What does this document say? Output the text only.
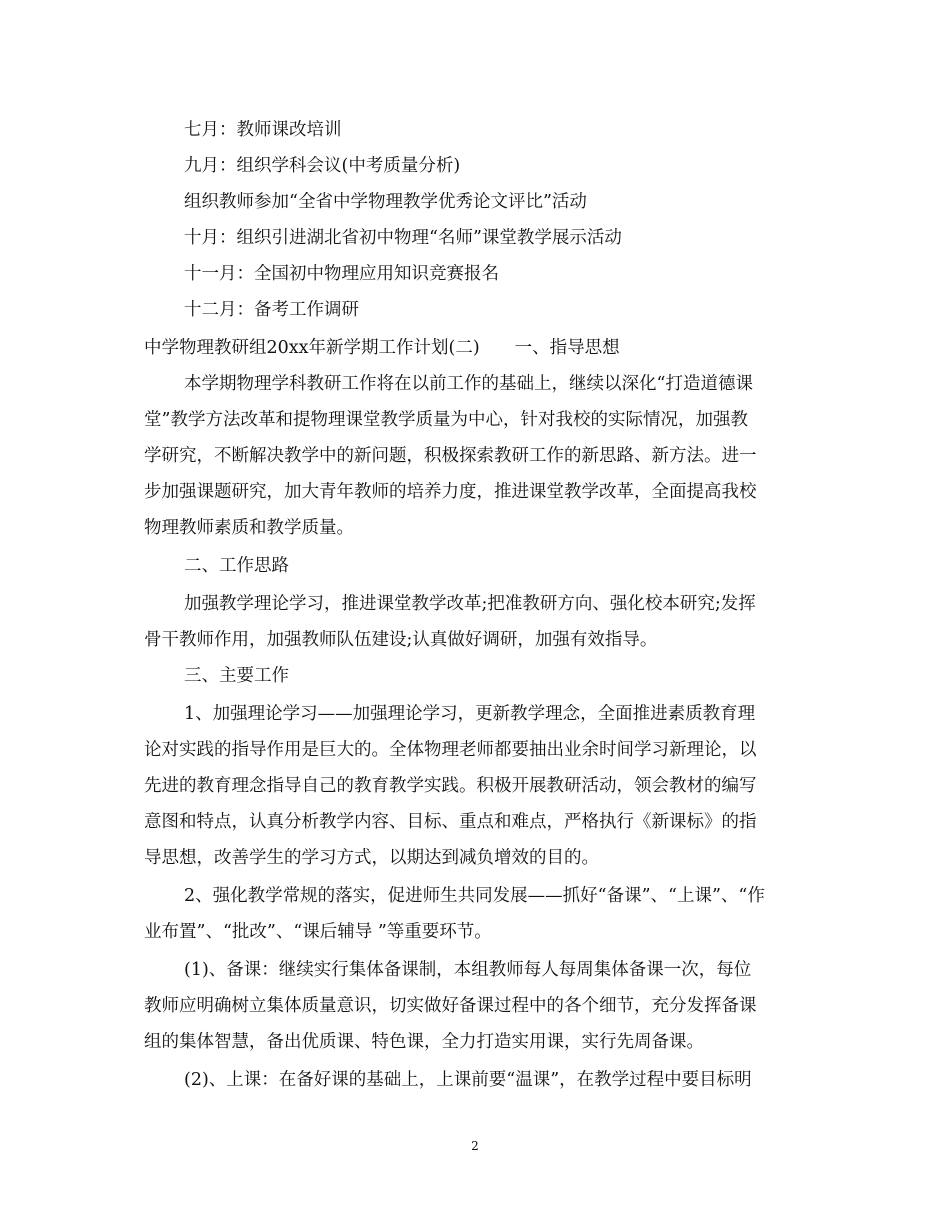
七月：教师课改培训

九月：组织学科会议(中考质量分析)

组织教师参加“全省中学物理教学优秀论文评比”活动

十月：组织引进湖北省初中物理“名师”课堂教学展示活动

十一月：全国初中物理应用知识竞赛报名

十二月：备考工作调研

中学物理教研组20xx年新学期工作计划(二)　　一、指导思想

本学期物理学科教研工作将在以前工作的基础上，继续以深化“打造道德课

堂”教学方法改革和提物理课堂教学质量为中心，针对我校的实际情况，加强教

学研究，不断解决教学中的新问题，积极探索教研工作的新思路、新方法。进一

步加强课题研究，加大青年教师的培养力度，推进课堂教学改革，全面提高我校

物理教师素质和教学质量。

二、工作思路

加强教学理论学习，推进课堂教学改革;把准教研方向、强化校本研究;发挥

骨干教师作用，加强教师队伍建设;认真做好调研，加强有效指导。

三、主要工作

1、加强理论学习——加强理论学习，更新教学理念，全面推进素质教育理

论对实践的指导作用是巨大的。全体物理老师都要抽出业余时间学习新理论，以

先进的教育理念指导自己的教育教学实践。积极开展教研活动，领会教材的编写

意图和特点，认真分析教学内容、目标、重点和难点，严格执行《新课标》的指

导思想，改善学生的学习方式，以期达到减负增效的目的。

2、强化教学常规的落实，促进师生共同发展——抓好“备课”、“上课”、“作

业布置”、“批改”、“课后辅导 ”等重要环节。

(1)、备课：继续实行集体备课制，本组教师每人每周集体备课一次，每位

教师应明确树立集体质量意识，切实做好备课过程中的各个细节，充分发挥备课

组的集体智慧，备出优质课、特色课，全力打造实用课，实行先周备课。

(2)、上课：在备好课的基础上，上课前要“温课”，在教学过程中要目标明

2
